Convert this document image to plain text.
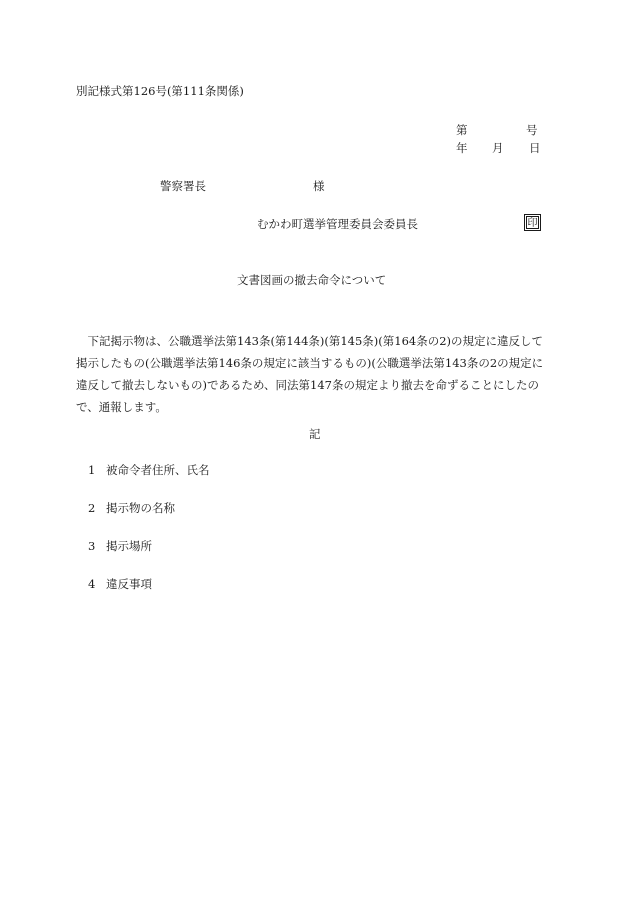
別記様式第126号(第111条関係)
第	号
年 月 日
警察署長	様
むかわ町選挙管理委員会委員長	印
文書図画の撤去命令について
　下記掲示物は、公職選挙法第143条(第144条)(第145条)(第164条の2)の規定に違反して
掲示したもの(公職選挙法第146条の規定に該当するもの)(公職選挙法第143条の2の規定に
違反して撤去しないもの)であるため、同法第147条の規定より撤去を命ずることにしたの
で、通報します。
記
1 被命令者住所、氏名
2 掲示物の名称
3 掲示場所
4 違反事項
